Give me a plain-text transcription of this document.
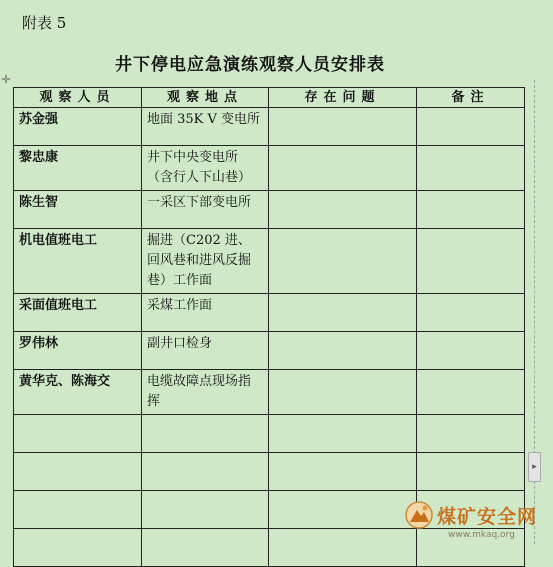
附表 5
井下停电应急演练观察人员安排表
✛
▸
观察人员	观察地点	存在问题	备注
苏金强	地面 35K V 变电所		
黎忠康	井下中央变电所（含行人下山巷）		
陈生智	一采区下部变电所		
机电值班电工	掘进（C202 进、回风巷和进风反掘巷）工作面		
采面值班电工	采煤工作面		
罗伟林	副井口检身		
黄华克、陈海交	电缆故障点现场指挥		

煤矿安全网
www.mkaq.org
